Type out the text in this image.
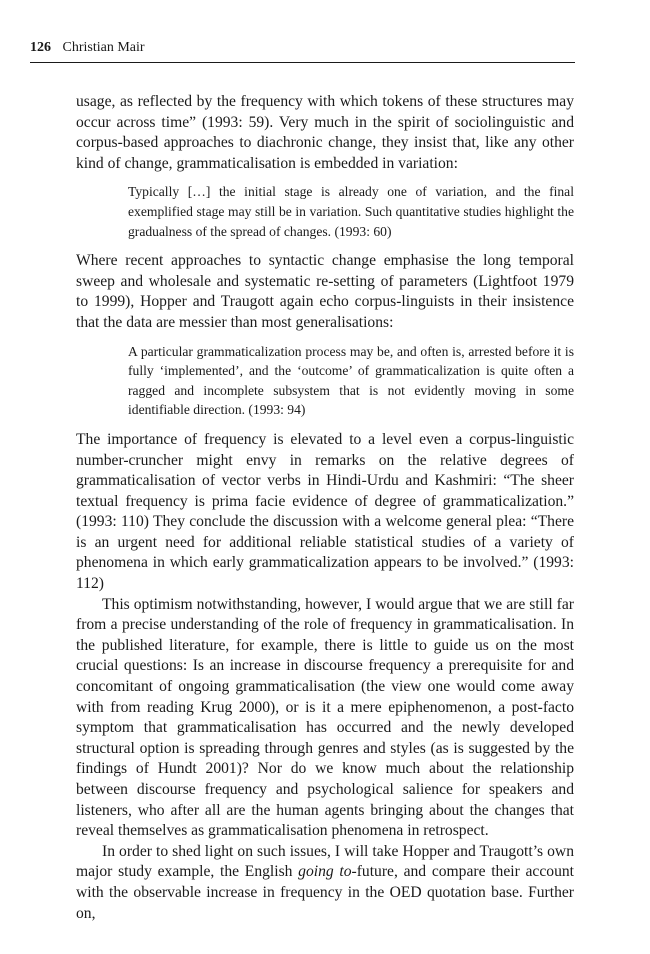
126 Christian Mair

usage, as reflected by the frequency with which tokens of these structures may occur across time” (1993: 59). Very much in the spirit of sociolinguistic and corpus-based approaches to diachronic change, they insist that, like any other kind of change, grammaticalisation is embedded in variation:

Typically […] the initial stage is already one of variation, and the final exemplified stage may still be in variation. Such quantitative studies highlight the gradualness of the spread of changes. (1993: 60)

Where recent approaches to syntactic change emphasise the long temporal sweep and wholesale and systematic re-setting of parameters (Lightfoot 1979 to 1999), Hopper and Traugott again echo corpus-linguists in their insistence that the data are messier than most generalisations:

A particular grammaticalization process may be, and often is, arrested before it is fully ‘implemented’, and the ‘outcome’ of grammaticalization is quite often a ragged and incomplete subsystem that is not evidently moving in some identifiable direction. (1993: 94)

The importance of frequency is elevated to a level even a corpus-linguistic number-cruncher might envy in remarks on the relative degrees of grammaticalisation of vector verbs in Hindi-Urdu and Kashmiri: “The sheer textual frequency is prima facie evidence of degree of grammaticalization.” (1993: 110) They conclude the discussion with a welcome general plea: “There is an urgent need for additional reliable statistical studies of a variety of phenomena in which early grammaticalization appears to be involved.” (1993: 112)

This optimism notwithstanding, however, I would argue that we are still far from a precise understanding of the role of frequency in grammaticalisation. In the published literature, for example, there is little to guide us on the most crucial questions: Is an increase in discourse frequency a prerequisite for and concomitant of ongoing grammaticalisation (the view one would come away with from reading Krug 2000), or is it a mere epiphenomenon, a post-facto symptom that grammaticalisation has occurred and the newly developed structural option is spreading through genres and styles (as is suggested by the findings of Hundt 2001)? Nor do we know much about the relationship between discourse frequency and psychological salience for speakers and listeners, who after all are the human agents bringing about the changes that reveal themselves as grammaticalisation phenomena in retrospect.

In order to shed light on such issues, I will take Hopper and Traugott’s own major study example, the English going to-future, and compare their account with the observable increase in frequency in the OED quotation base. Further on,
